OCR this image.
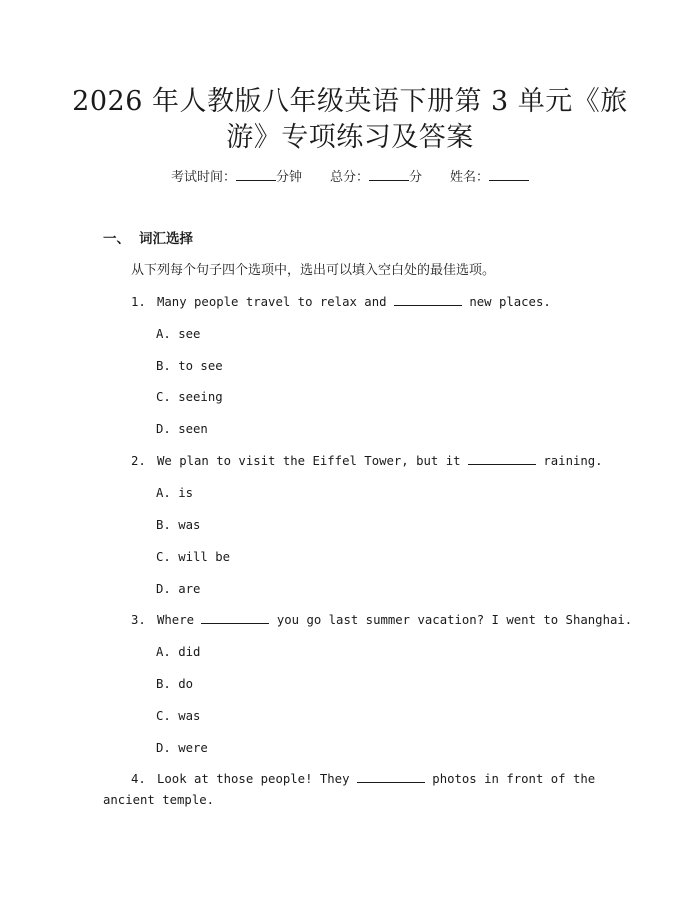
2026 年人教版八年级英语下册第 3 单元《旅
游》专项练习及答案
考试时间：	分钟 总分：	分 姓名：
一、 词汇选择
从下列每个句子四个选项中，选出可以填入空白处的最佳选项。
1. Many people travel to relax and	new places.
A. see
B. to see
C. seeing
D. seen
2. We plan to visit the Eiffel Tower, but it	raining.
A. is
B. was
C. will be
D. are
3. Where	you go last summer vacation? I went to Shanghai.
A. did
B. do
C. was
D. were
4. Look at those people! They	photos in front of the
ancient temple.
